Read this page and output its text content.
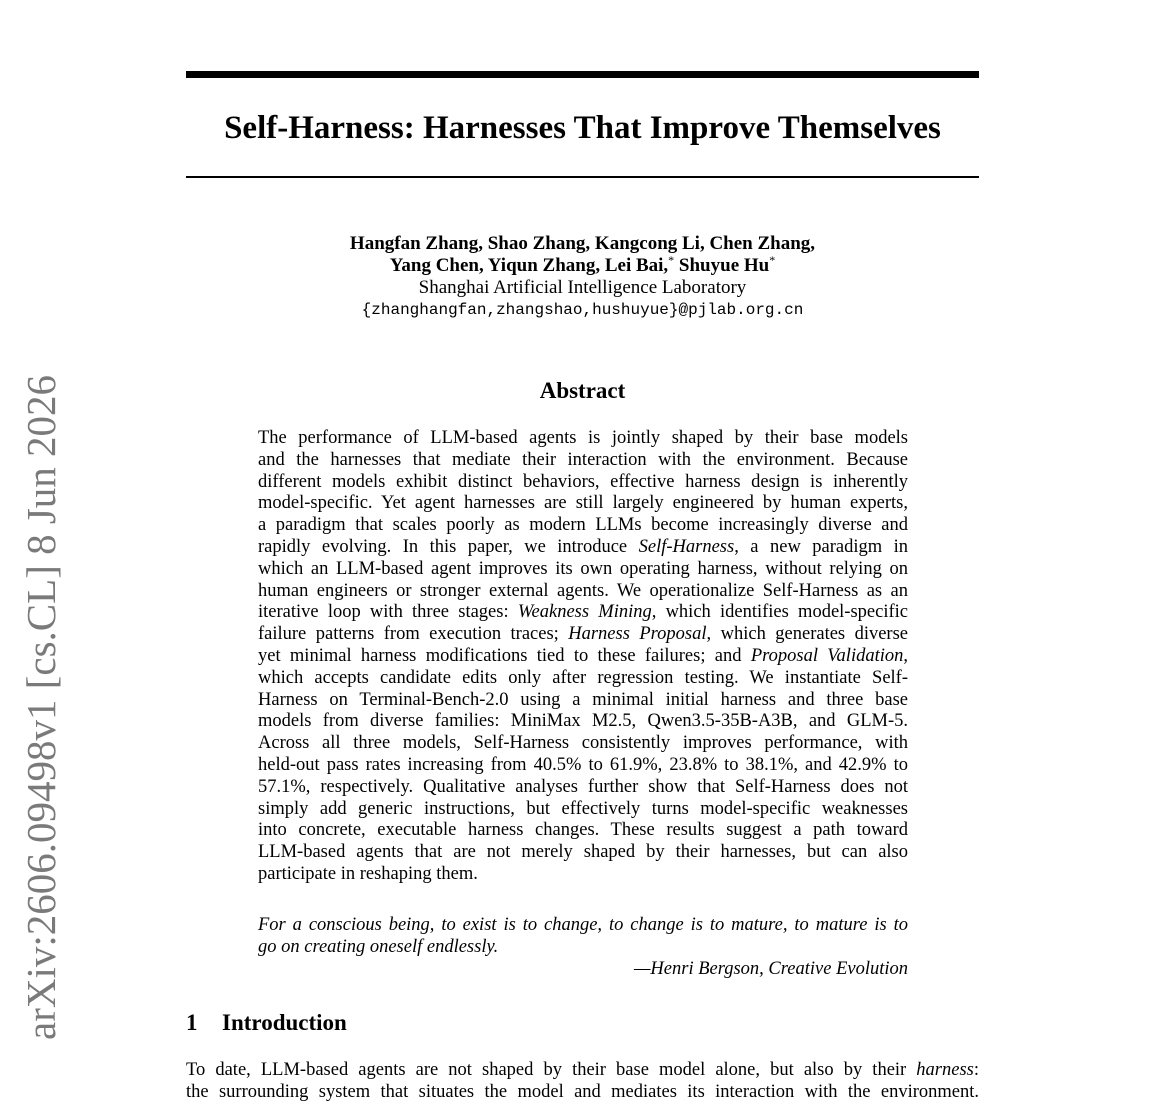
arXiv:2606.09498v1 [cs.CL] 8 Jun 2026
Self-Harness: Harnesses That Improve Themselves
Hangfan Zhang, Shao Zhang, Kangcong Li, Chen Zhang,
Yang Chen, Yiqun Zhang, Lei Bai,* Shuyue Hu*
Shanghai Artificial Intelligence Laboratory
{zhanghangfan,zhangshao,hushuyue}@pjlab.org.cn
Abstract
The performance of LLM-based agents is jointly shaped by their base models
and the harnesses that mediate their interaction with the environment. Because
different models exhibit distinct behaviors, effective harness design is inherently
model-specific. Yet agent harnesses are still largely engineered by human experts,
a paradigm that scales poorly as modern LLMs become increasingly diverse and
rapidly evolving. In this paper, we introduce Self-Harness, a new paradigm in
which an LLM-based agent improves its own operating harness, without relying on
human engineers or stronger external agents. We operationalize Self-Harness as an
iterative loop with three stages: Weakness Mining, which identifies model-specific
failure patterns from execution traces; Harness Proposal, which generates diverse
yet minimal harness modifications tied to these failures; and Proposal Validation,
which accepts candidate edits only after regression testing. We instantiate Self-
Harness on Terminal-Bench-2.0 using a minimal initial harness and three base
models from diverse families: MiniMax M2.5, Qwen3.5-35B-A3B, and GLM-5.
Across all three models, Self-Harness consistently improves performance, with
held-out pass rates increasing from 40.5% to 61.9%, 23.8% to 38.1%, and 42.9% to
57.1%, respectively. Qualitative analyses further show that Self-Harness does not
simply add generic instructions, but effectively turns model-specific weaknesses
into concrete, executable harness changes. These results suggest a path toward
LLM-based agents that are not merely shaped by their harnesses, but can also
participate in reshaping them.
For a conscious being, to exist is to change, to change is to mature, to mature is to
go on creating oneself endlessly.
—Henri Bergson, Creative Evolution
1 Introduction
To date, LLM-based agents are not shaped by their base model alone, but also by their harness:
the surrounding system that situates the model and mediates its interaction with the environment.
